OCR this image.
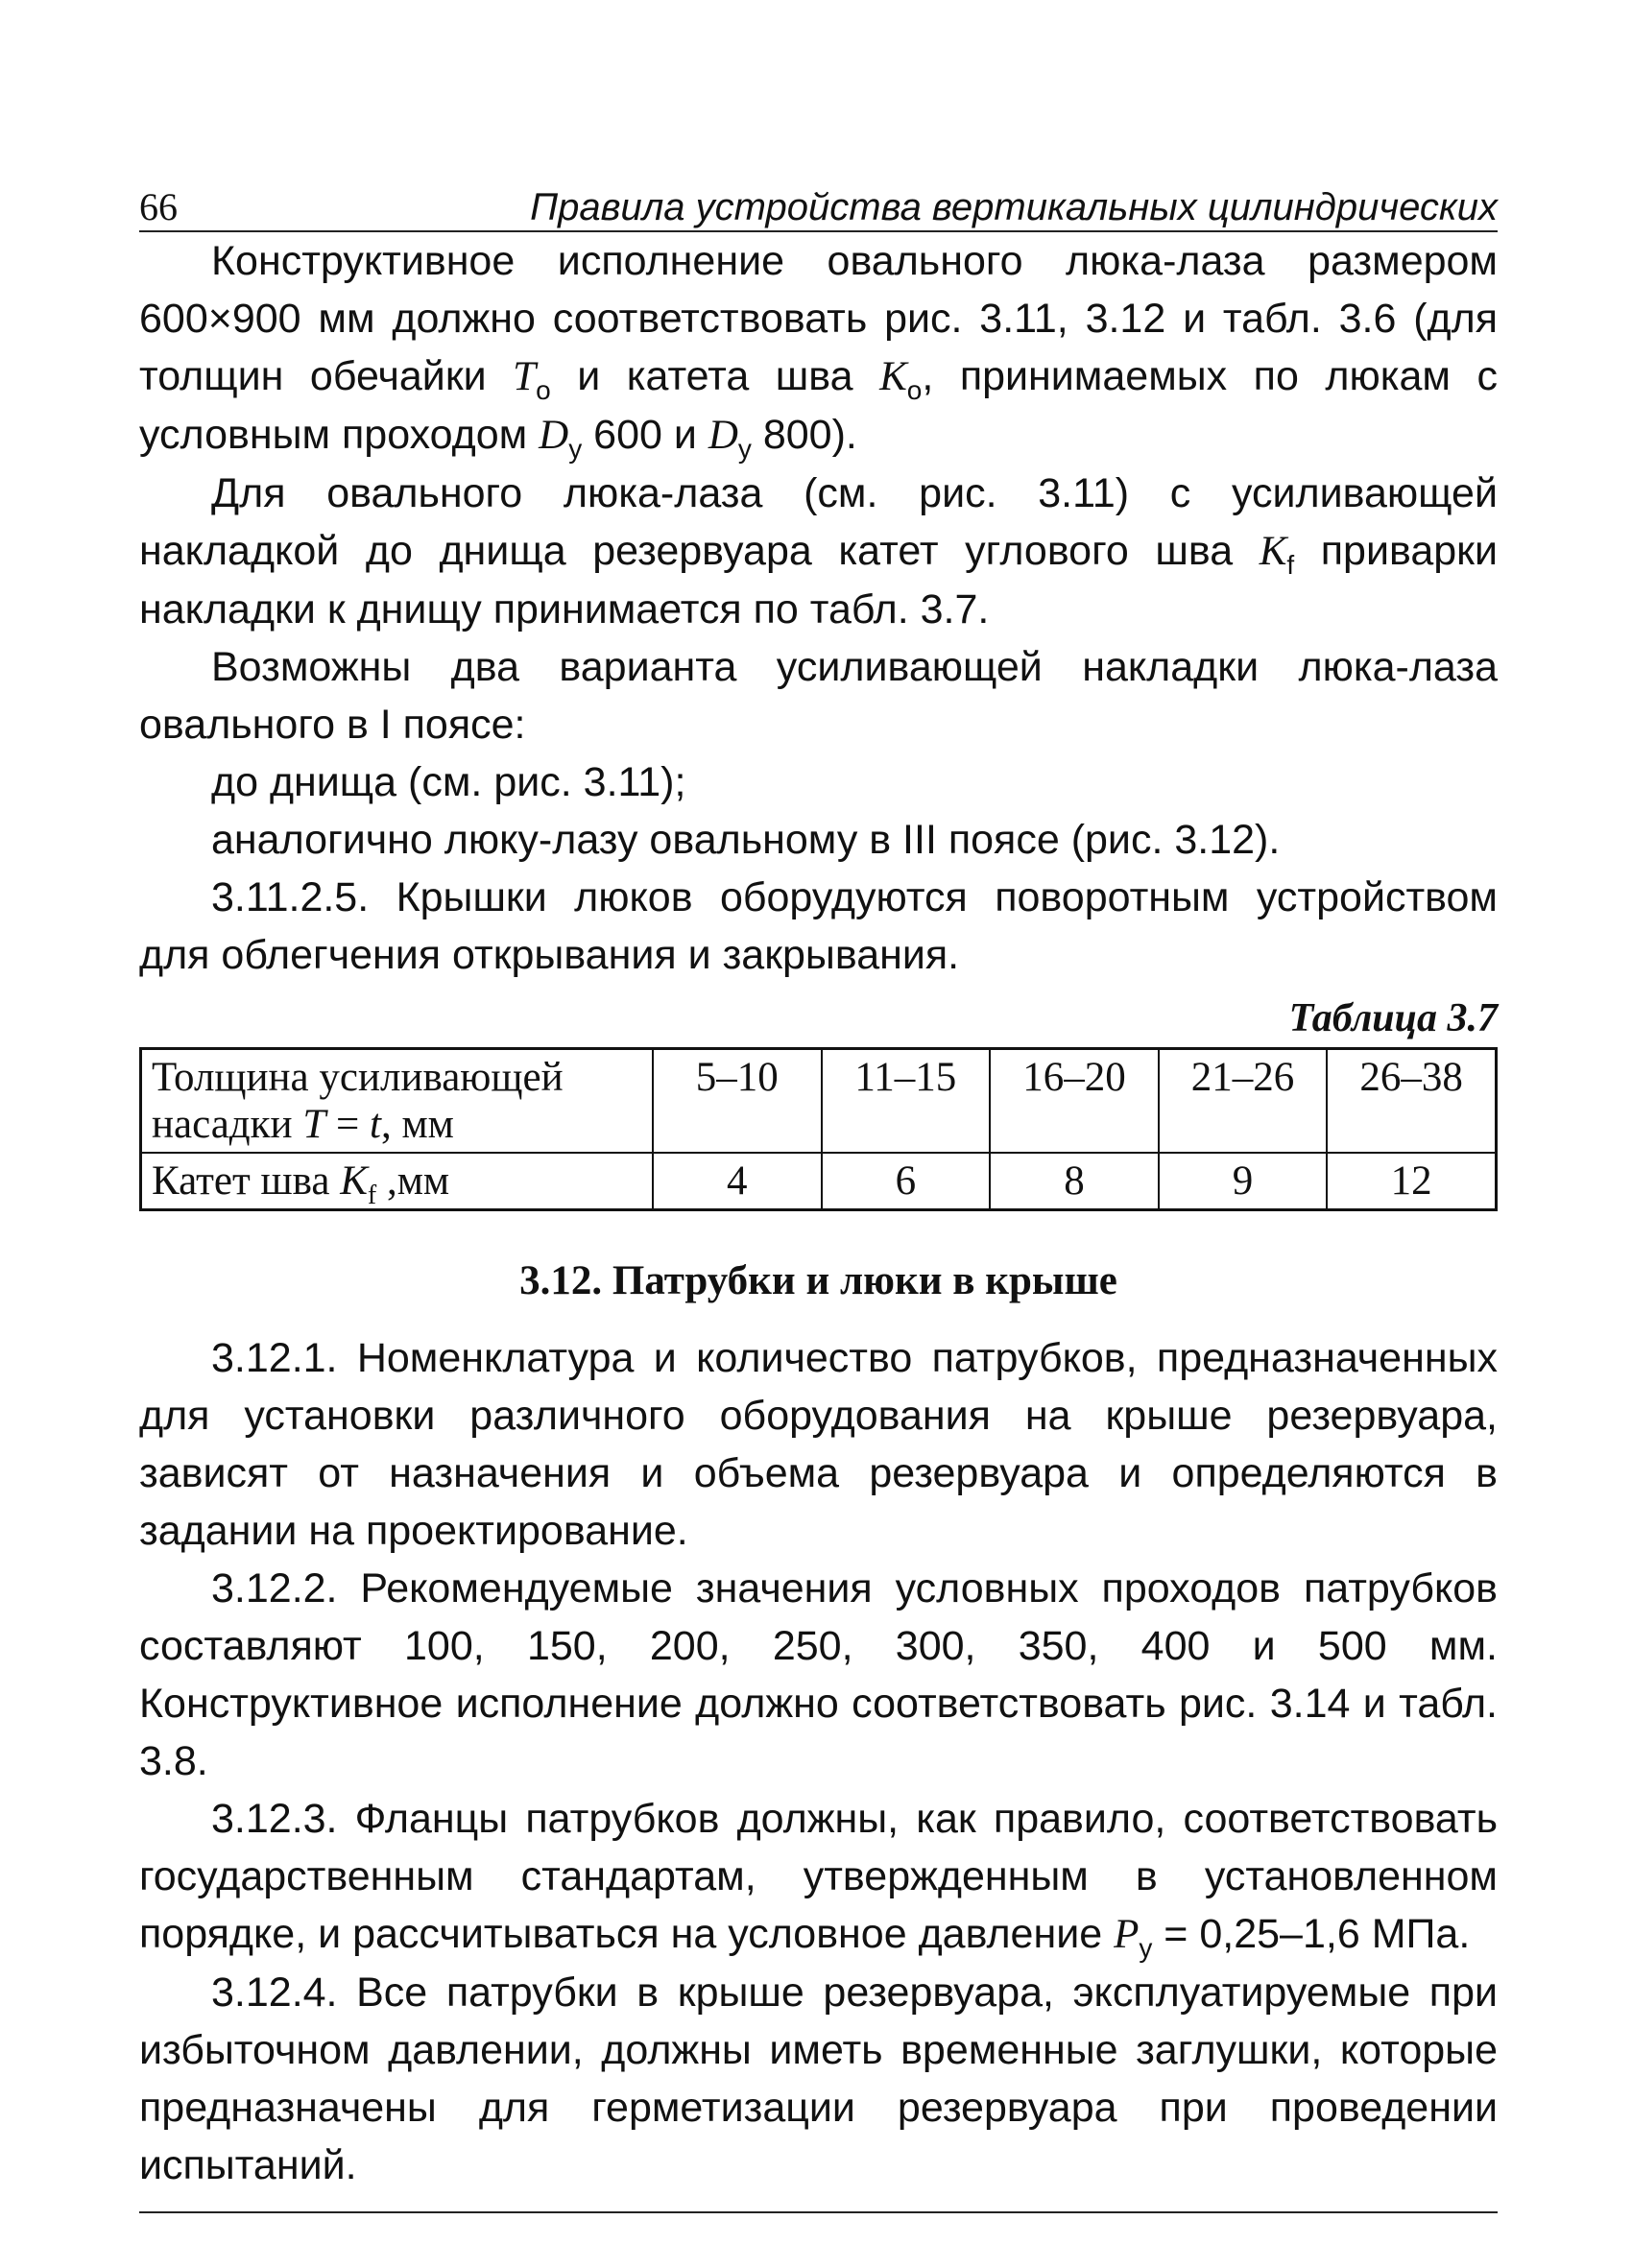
66	Правила устройства вертикальных цилиндрических

Конструктивное исполнение овального люка-лаза размером 600×900 мм должно соответствовать рис. 3.11, 3.12 и табл. 3.6 (для толщин обечайки $T_о$ и катета шва $K_о$, принимаемых по люкам с условным проходом $D_у$ 600 и $D_у$ 800).

Для овального люка-лаза (см. рис. 3.11) с усиливающей накладкой до днища резервуара катет углового шва $K_f$ приварки накладки к днищу принимается по табл. 3.7.

Возможны два варианта усиливающей накладки люка-лаза овального в I поясе:

до днища (см. рис. 3.11);

аналогично люку-лазу овальному в III поясе (рис. 3.12).

3.11.2.5. Крышки люков оборудуются поворотным устройством для облегчения открывания и закрывания.

Таблица 3.7
Толщина усиливающей насадки T = t, мм	5–10	11–15	16–20	21–26	26–38
Катет шва $K_f$ ,мм	4	6	8	9	12
3.12. Патрубки и люки в крыше

3.12.1. Номенклатура и количество патрубков, предназначенных для установки различного оборудования на крыше резервуара, зависят от назначения и объема резервуара и определяются в задании на проектирование.

3.12.2. Рекомендуемые значения условных проходов патрубков составляют 100, 150, 200, 250, 300, 350, 400 и 500 мм. Конструктивное исполнение должно соответствовать рис. 3.14 и табл. 3.8.

3.12.3. Фланцы патрубков должны, как правило, соответствовать государственным стандартам, утвержденным в установленном порядке, и рассчитываться на условное давление $P_у = 0,25-1,6$ МПа.

3.12.4. Все патрубки в крыше резервуара, эксплуатируемые при избыточном давлении, должны иметь временные заглушки, которые предназначены для герметизации резервуара при проведении испытаний.
